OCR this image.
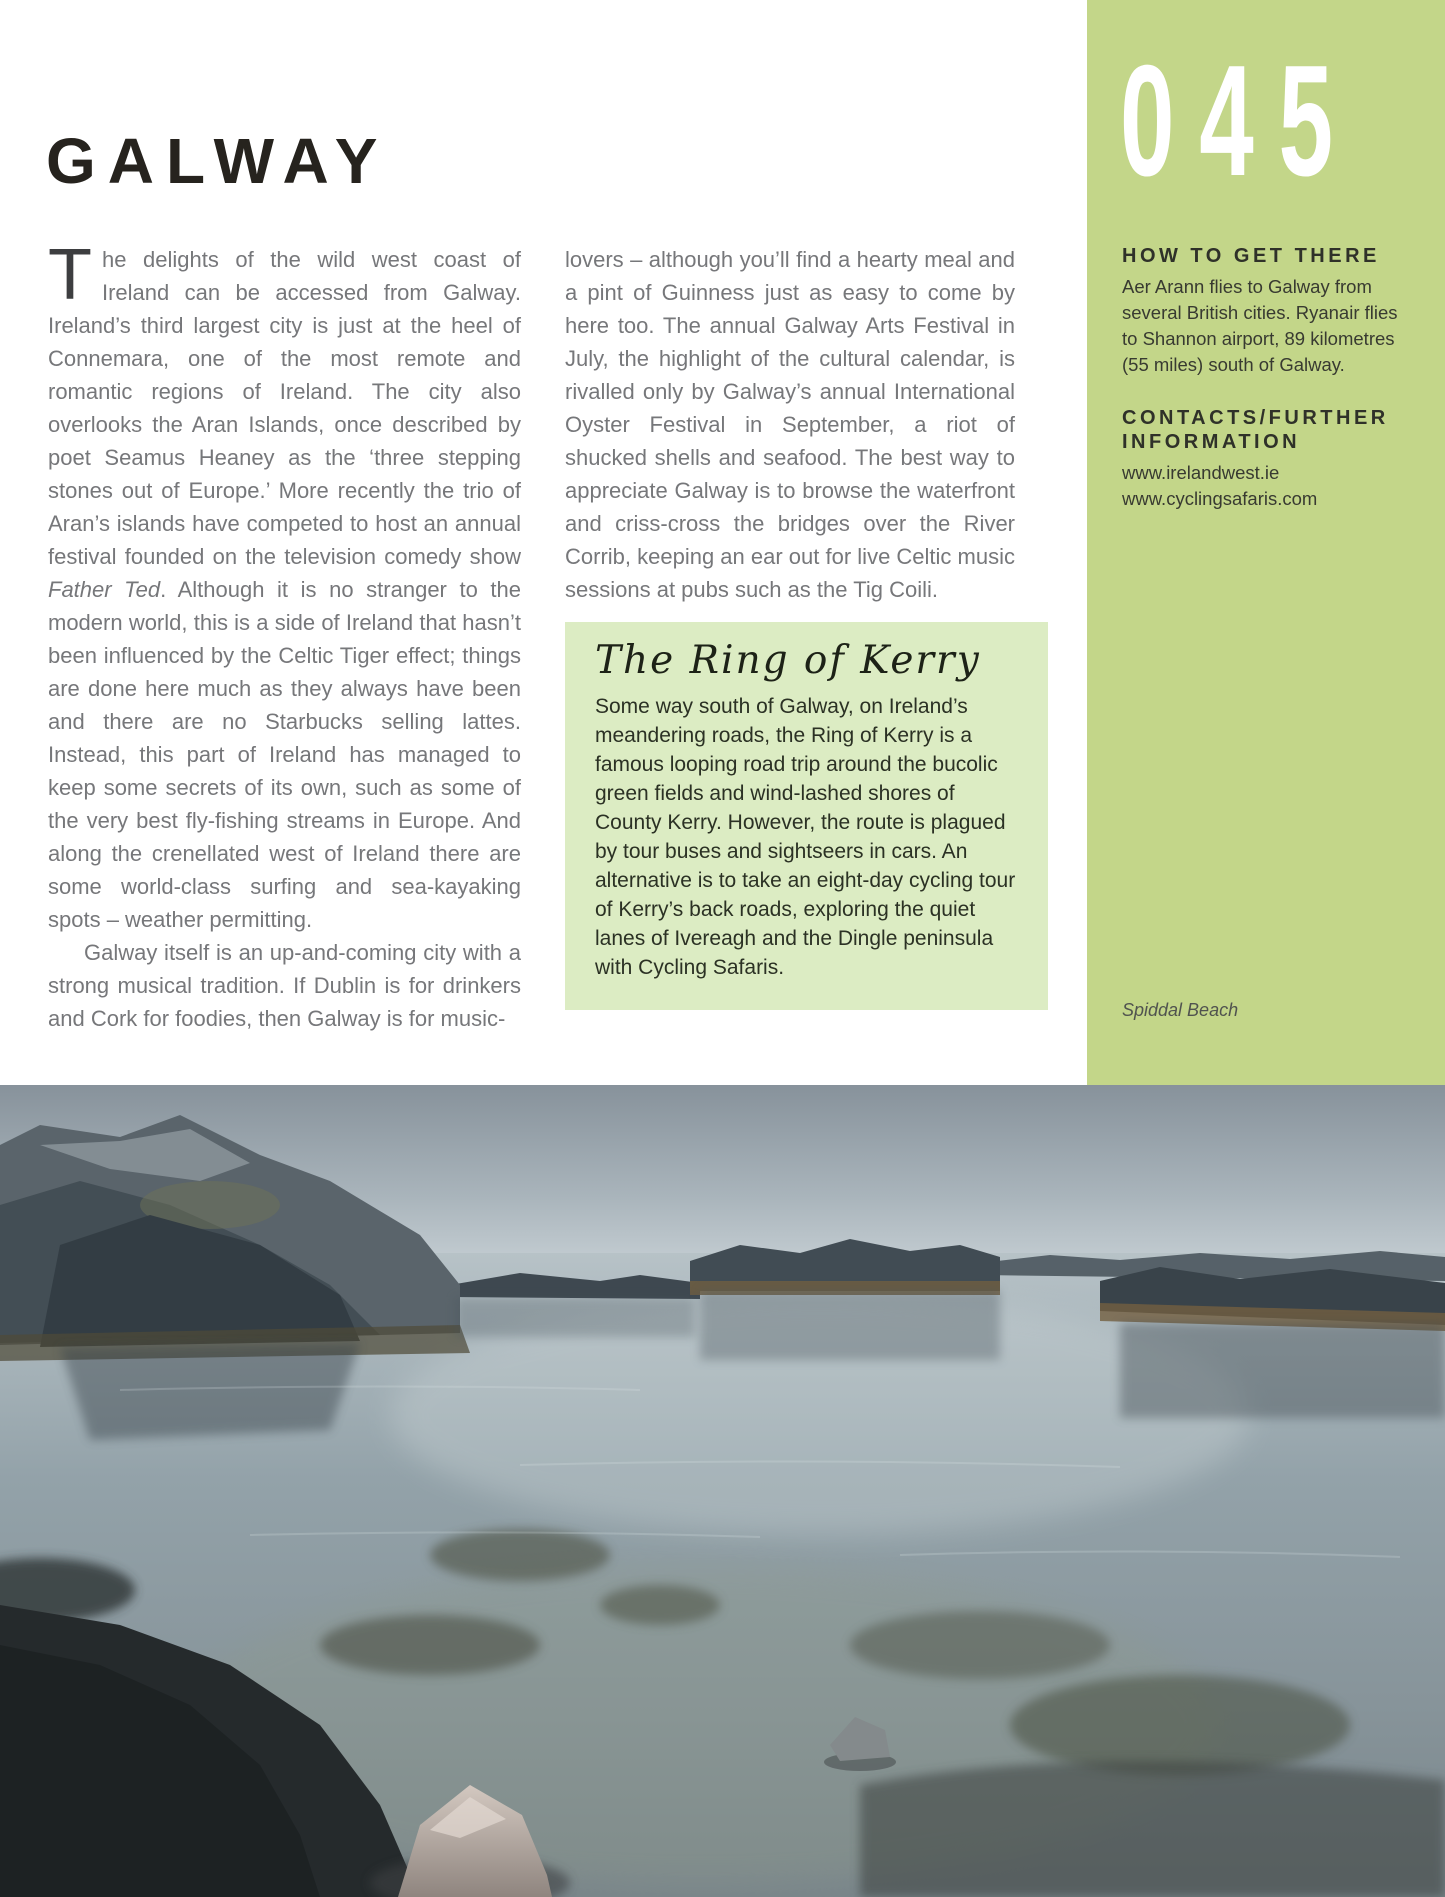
GALWAY

The delights of the wild west coast of Ireland can be accessed from Galway. Ireland’s third largest city is just at the heel of Connemara, one of the most remote and romantic regions of Ireland. The city also overlooks the Aran Islands, once described by poet Seamus Heaney as the ‘three stepping stones out of Europe.’ More recently the trio of Aran’s islands have competed to host an annual festival founded on the television comedy show Father Ted. Although it is no stranger to the modern world, this is a side of Ireland that hasn’t been influenced by the Celtic Tiger effect; things are done here much as they always have been and there are no Starbucks selling lattes. Instead, this part of Ireland has managed to keep some secrets of its own, such as some of the very best fly-fishing streams in Europe. And along the crenellated west of Ireland there are some world-class surfing and sea-kayaking spots – weather permitting.

Galway itself is an up-and-coming city with a strong musical tradition. If Dublin is for drinkers and Cork for foodies, then Galway is for music-

lovers – although you’ll find a hearty meal and a pint of Guinness just as easy to come by here too. The annual Galway Arts Festival in July, the highlight of the cultural calendar, is rivalled only by Galway’s annual International Oyster Festival in September, a riot of shucked shells and seafood. The best way to appreciate Galway is to browse the waterfront and criss-cross the bridges over the River Corrib, keeping an ear out for live Celtic music sessions at pubs such as the Tig Coili.

The Ring of Kerry

Some way south of Galway, on Ireland’s meandering roads, the Ring of Kerry is a famous looping road trip around the bucolic green fields and wind-lashed shores of County Kerry. However, the route is plagued by tour buses and sightseers in cars. An alternative is to take an eight-day cycling tour of Kerry’s back roads, exploring the quiet lanes of Ivereagh and the Dingle peninsula with Cycling Safaris.

045
HOW TO GET THERE

Aer Arann flies to Galway from several British cities. Ryanair flies to Shannon airport, 89 kilometres (55 miles) south of Galway.

CONTACTS/FURTHER INFORMATION
www.irelandwest.ie
www.cyclingsafaris.com
Spiddal Beach
